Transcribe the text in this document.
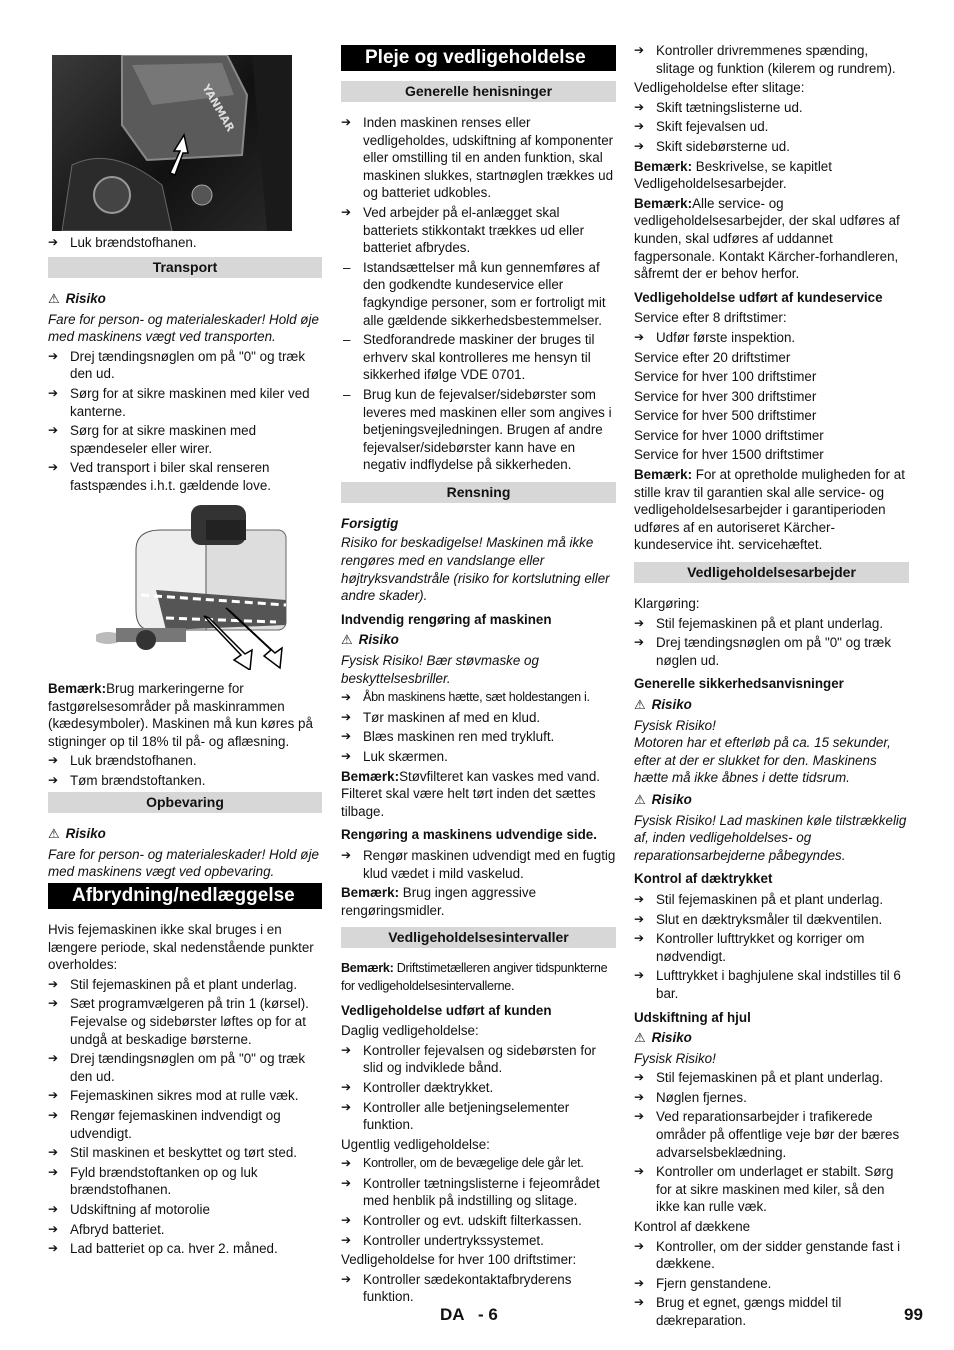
YANMAR

➔ Luk brændstofhanen.

Transport

⚠ Risiko

Fare for person- og materialeskader! Hold øje med maskinens vægt ved transporten.

➔ Drej tændingsnøglen om på "0" og træk den ud.

➔ Sørg for at sikre maskinen med kiler ved kanterne.

➔ Sørg for at sikre maskinen med spændeseler eller wirer.

➔ Ved transport i biler skal renseren fastspændes i.h.t. gældende love.

Bemærk:Brug markeringerne for fastgørelsesområder på maskinrammen (kædesymboler). Maskinen må kun køres på stigninger op til 18% til på- og aflæsning.

➔ Luk brændstofhanen.

➔ Tøm brændstoftanken.

Opbevaring

⚠ Risiko

Fare for person- og materialeskader! Hold øje med maskinens vægt ved opbevaring.

Afbrydning/nedlæggelse

Hvis fejemaskinen ikke skal bruges i en længere periode, skal nedenstående punkter overholdes:

➔ Stil fejemaskinen på et plant underlag.

➔ Sæt programvælgeren på trin 1 (kørsel). Fejevalse og sidebørster løftes op for at undgå at beskadige børsterne.

➔ Drej tændingsnøglen om på "0" og træk den ud.

➔ Fejemaskinen sikres mod at rulle væk.

➔ Rengør fejemaskinen indvendigt og udvendigt.

➔ Stil maskinen et beskyttet og tørt sted.

➔ Fyld brændstoftanken op og luk brændstofhanen.

➔ Udskiftning af motorolie

➔ Afbryd batteriet.

➔ Lad batteriet op ca. hver 2. måned.

Pleje og vedligeholdelse
Generelle henisninger

➔ Inden maskinen renses eller vedligeholdes, udskiftning af komponenter eller omstilling til en anden funktion, skal maskinen slukkes, startnøglen trækkes ud og batteriet udkobles.

➔ Ved arbejder på el-anlægget skal batteriets stikkontakt trækkes ud eller batteriet afbrydes.

– Istandsættelser må kun gennemføres af den godkendte kundeservice eller fagkyndige personer, som er fortroligt mit alle gældende sikkerhedsbestemmelser.

– Stedforandrede maskiner der bruges til erhverv skal kontrolleres me hensyn til sikkerhed ifølge VDE 0701.

– Brug kun de fejevalser/sidebørster som leveres med maskinen eller som angives i betjeningsvejledningen. Brugen af andre fejevalser/sidebørster kann have en negativ indflydelse på sikkerheden.

Rensning

Forsigtig

Risiko for beskadigelse! Maskinen må ikke rengøres med en vandslange eller højtryksvandstråle (risiko for kortslutning eller andre skader).

Indvendig rengøring af maskinen

⚠ Risiko

Fysisk Risiko! Bær støvmaske og beskyttelsesbriller.

➔ Åbn maskinens hætte, sæt holdestangen i.

➔ Tør maskinen af med en klud.

➔ Blæs maskinen ren med trykluft.

➔ Luk skærmen.

Bemærk:Støvfilteret kan vaskes med vand. Filteret skal være helt tørt inden det sættes tilbage.

Rengøring a maskinens udvendige side.

➔ Rengør maskinen udvendigt med en fugtig klud vædet i mild vaskelud.

Bemærk: Brug ingen aggressive rengøringsmidler.

Vedligeholdelsesintervaller

Bemærk: Driftstimetælleren angiver tidspunkterne for vedligeholdelsesintervallerne.

Vedligeholdelse udført af kunden

Daglig vedligeholdelse:

➔ Kontroller fejevalsen og sidebørsten for slid og indviklede bånd.

➔ Kontroller dæktrykket.

➔ Kontroller alle betjeningselementer funktion.

Ugentlig vedligeholdelse:

➔ Kontroller, om de bevægelige dele går let.

➔ Kontroller tætningslisterne i fejeområdet med henblik på indstilling og slitage.

➔ Kontroller og evt. udskift filterkassen.

➔ Kontroller undertrykssystemet.

Vedligeholdelse for hver 100 driftstimer:

➔ Kontroller sædekontaktafbryderens funktion.

➔ Kontroller drivremmenes spænding, slitage og funktion (kilerem og rundrem).

Vedligeholdelse efter slitage:

➔ Skift tætningslisterne ud.

➔ Skift fejevalsen ud.

➔ Skift sidebørsterne ud.

Bemærk: Beskrivelse, se kapitlet Vedligeholdelsesarbejder.

Bemærk:Alle service- og vedligeholdelsesarbejder, der skal udføres af kunden, skal udføres af uddannet fagpersonale. Kontakt Kärcher-forhandleren, såfremt der er behov herfor.

Vedligeholdelse udført af kundeservice

Service efter 8 driftstimer:

➔ Udfør første inspektion.

Service efter 20 driftstimer

Service for hver 100 driftstimer

Service for hver 300 driftstimer

Service for hver 500 driftstimer

Service for hver 1000 driftstimer

Service for hver 1500 driftstimer

Bemærk: For at opretholde muligheden for at stille krav til garantien skal alle service- og vedligeholdelsesarbejder i garantiperioden udføres af en autoriseret Kärcher-kundeservice iht. servicehæftet.

Vedligeholdelsesarbejder

Klargøring:

➔ Stil fejemaskinen på et plant underlag.

➔ Drej tændingsnøglen om på "0" og træk nøglen ud.

Generelle sikkerhedsanvisninger

⚠ Risiko

Fysisk Risiko!
Motoren har et efterløb på ca. 15 sekunder, efter at der er slukket for den. Maskinens hætte må ikke åbnes i dette tidsrum.

⚠ Risiko

Fysisk Risiko! Lad maskinen køle tilstrækkelig af, inden vedligeholdelses- og reparationsarbejderne påbegyndes.

Kontrol af dæktrykket

➔ Stil fejemaskinen på et plant underlag.

➔ Slut en dæktryksmåler til dækventilen.

➔ Kontroller lufttrykket og korriger om nødvendigt.

➔ Lufttrykket i baghjulene skal indstilles til 6 bar.

Udskiftning af hjul

⚠ Risiko

Fysisk Risiko!

➔ Stil fejemaskinen på et plant underlag.

➔ Nøglen fjernes.

➔ Ved reparationsarbejder i trafikerede områder på offentlige veje bør der bæres advarselsbeklædning.

➔ Kontroller om underlaget er stabilt. Sørg for at sikre maskinen med kiler, så den ikke kan rulle væk.

Kontrol af dækkene

➔ Kontroller, om der sidder genstande fast i dækkene.

➔ Fjern genstandene.

➔ Brug et egnet, gængs middel til dækreparation.

DA - 6	99
